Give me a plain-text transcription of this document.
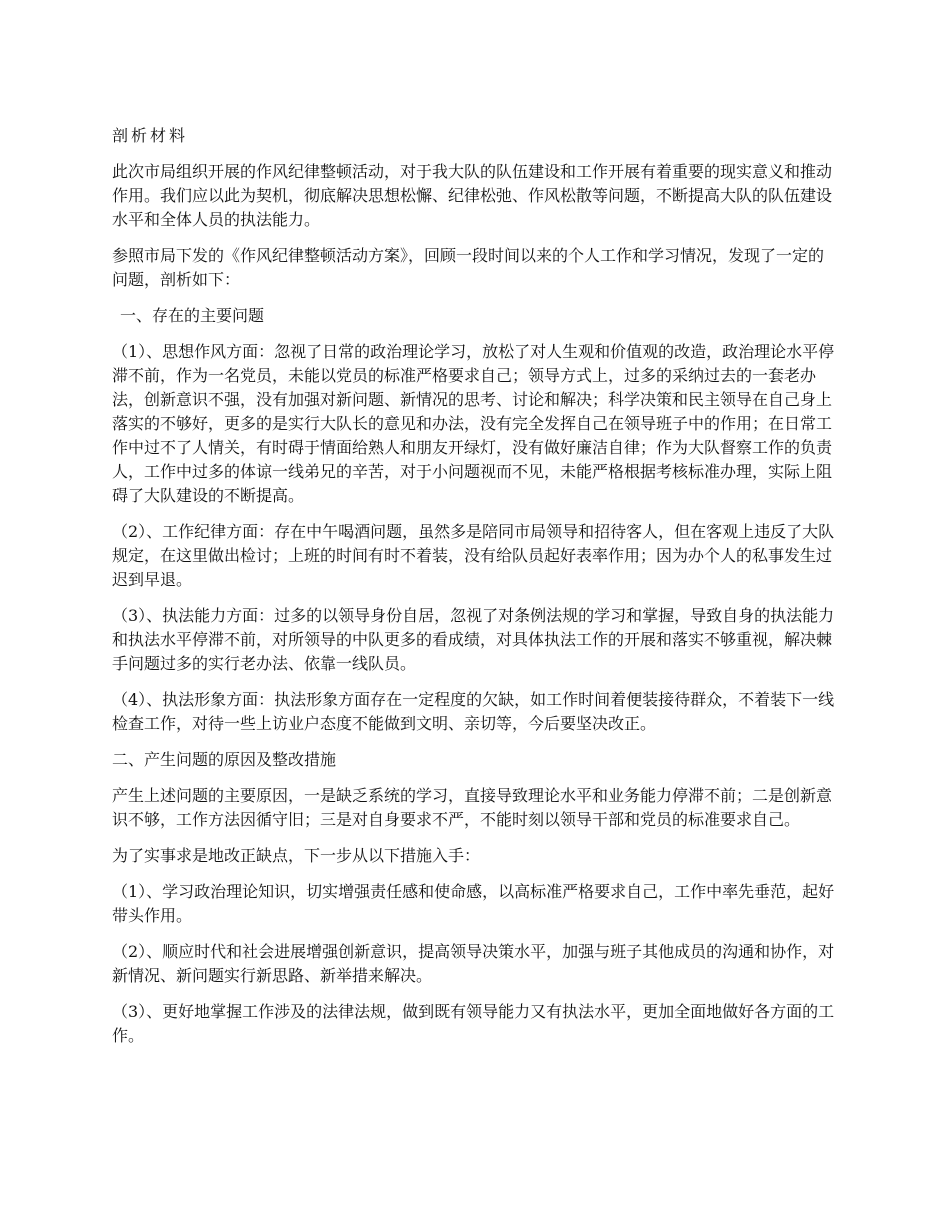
剖析材料

此次市局组织开展的作风纪律整顿活动，对于我大队的队伍建设和工作开展有着重要的现实意义和推动作用。我们应以此为契机，彻底解决思想松懈、纪律松弛、作风松散等问题，不断提高大队的队伍建设水平和全体人员的执法能力。

参照市局下发的《作风纪律整顿活动方案》，回顾一段时间以来的个人工作和学习情况，发现了一定的问题，剖析如下：

一、存在的主要问题

（1）、思想作风方面：忽视了日常的政治理论学习，放松了对人生观和价值观的改造，政治理论水平停滞不前，作为一名党员，未能以党员的标准严格要求自己；领导方式上，过多的采纳过去的一套老办法，创新意识不强，没有加强对新问题、新情况的思考、讨论和解决；科学决策和民主领导在自己身上落实的不够好，更多的是实行大队长的意见和办法，没有完全发挥自己在领导班子中的作用；在日常工作中过不了人情关，有时碍于情面给熟人和朋友开绿灯，没有做好廉洁自律；作为大队督察工作的负责人，工作中过多的体谅一线弟兄的辛苦，对于小问题视而不见，未能严格根据考核标准办理，实际上阻碍了大队建设的不断提高。

（2）、工作纪律方面：存在中午喝酒问题，虽然多是陪同市局领导和招待客人，但在客观上违反了大队规定，在这里做出检讨；上班的时间有时不着装，没有给队员起好表率作用；因为办个人的私事发生过迟到早退。

（3）、执法能力方面：过多的以领导身份自居，忽视了对条例法规的学习和掌握，导致自身的执法能力和执法水平停滞不前，对所领导的中队更多的看成绩，对具体执法工作的开展和落实不够重视，解决棘手问题过多的实行老办法、依靠一线队员。

（4）、执法形象方面：执法形象方面存在一定程度的欠缺，如工作时间着便装接待群众，不着装下一线检查工作，对待一些上访业户态度不能做到文明、亲切等，今后要坚决改正。

二、产生问题的原因及整改措施

产生上述问题的主要原因，一是缺乏系统的学习，直接导致理论水平和业务能力停滞不前；二是创新意识不够，工作方法因循守旧；三是对自身要求不严，不能时刻以领导干部和党员的标准要求自己。

为了实事求是地改正缺点，下一步从以下措施入手：

（1）、学习政治理论知识，切实增强责任感和使命感，以高标准严格要求自己，工作中率先垂范，起好带头作用。

（2）、顺应时代和社会进展增强创新意识，提高领导决策水平，加强与班子其他成员的沟通和协作，对新情况、新问题实行新思路、新举措来解决。

（3）、更好地掌握工作涉及的法律法规，做到既有领导能力又有执法水平，更加全面地做好各方面的工作。
